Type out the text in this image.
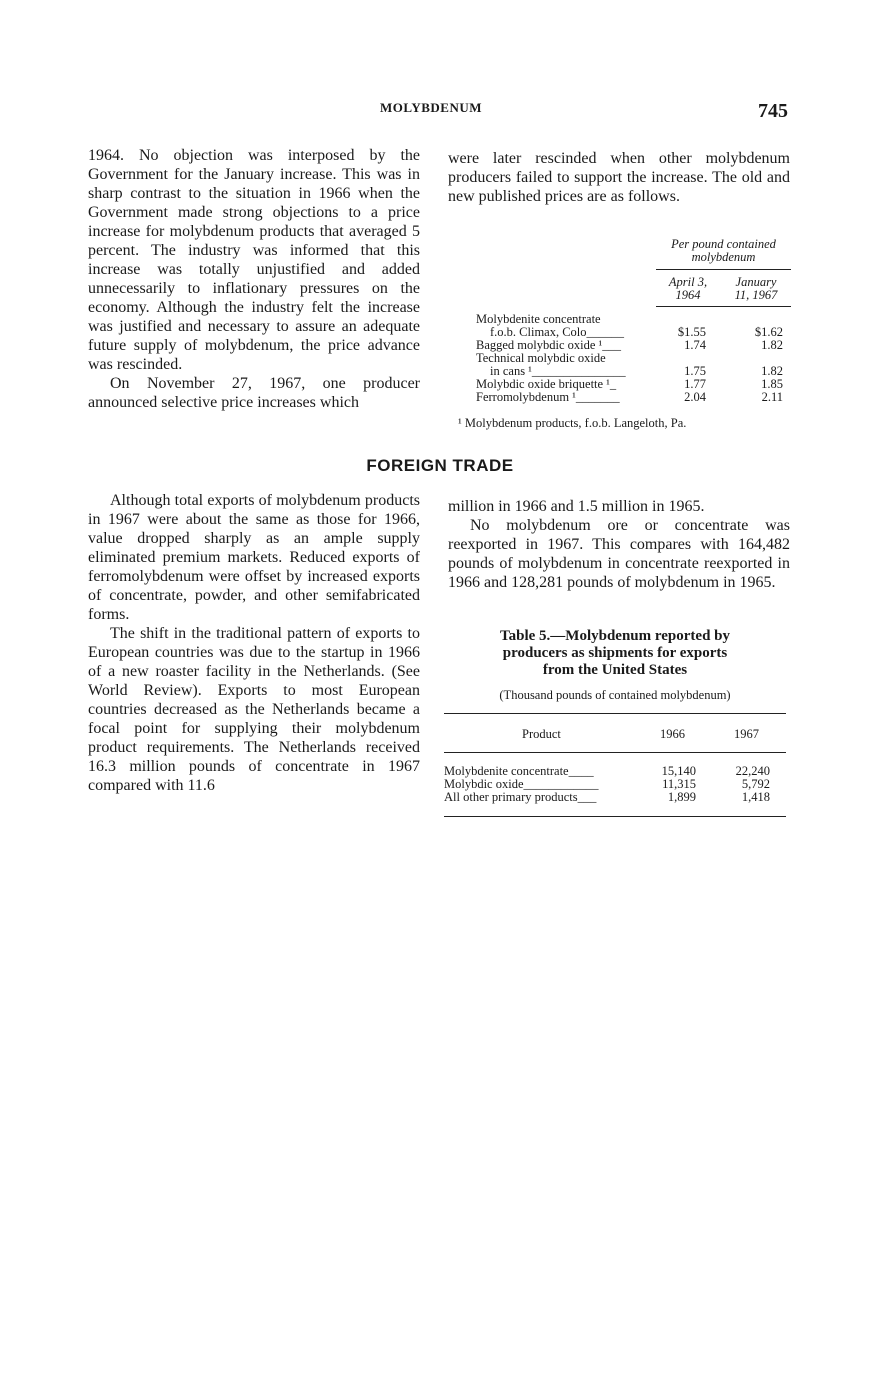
MOLYBDENUM	745

1964. No objection was interposed by the Government for the January increase. This was in sharp contrast to the situation in 1966 when the Government made strong objections to a price increase for molybdenum products that averaged 5 percent. The industry was informed that this increase was totally unjustified and added unnecessarily to inflationary pressures on the economy. Although the industry felt the increase was justified and necessary to assure an adequate future supply of molybdenum, the price advance was rescinded.

On November 27, 1967, one producer announced selective price increases which

were later rescinded when other molybdenum producers failed to support the increase. The old and new published prices are as follows.

Per pound contained
molybdenum
April 3,
1964
January
11, 1967
Molybdenite concentrate
f.o.b. Climax, Colo______	$1.55	$1.62
Bagged molybdic oxide ¹___	1.74	1.82
Technical molybdic oxide
in cans ¹_______________	1.75	1.82
Molybdic oxide briquette ¹_	1.77	1.85
Ferromolybdenum ¹_______	2.04	2.11
¹ Molybdenum products, f.o.b. Langeloth, Pa.
FOREIGN TRADE

Although total exports of molybdenum products in 1967 were about the same as those for 1966, value dropped sharply as an ample supply eliminated premium markets. Reduced exports of ferromolybdenum were offset by increased exports of concentrate, powder, and other semifabricated forms.

The shift in the traditional pattern of exports to European countries was due to the startup in 1966 of a new roaster facility in the Netherlands. (See World Review). Exports to most European countries decreased as the Netherlands became a focal point for supplying their molybdenum product requirements. The Netherlands received 16.3 million pounds of concentrate in 1967 compared with 11.6

million in 1966 and 1.5 million in 1965.

No molybdenum ore or concentrate was reexported in 1967. This compares with 164,482 pounds of molybdenum in concentrate reexported in 1966 and 128,281 pounds of molybdenum in 1965.

Table 5.—Molybdenum reported by
producers as shipments for exports
from the United States
(Thousand pounds of contained molybdenum)
Product	1966	1967
Molybdenite concentrate____	15,140	22,240
Molybdic oxide____________	11,315	5,792
All other primary products___	1,899	1,418
